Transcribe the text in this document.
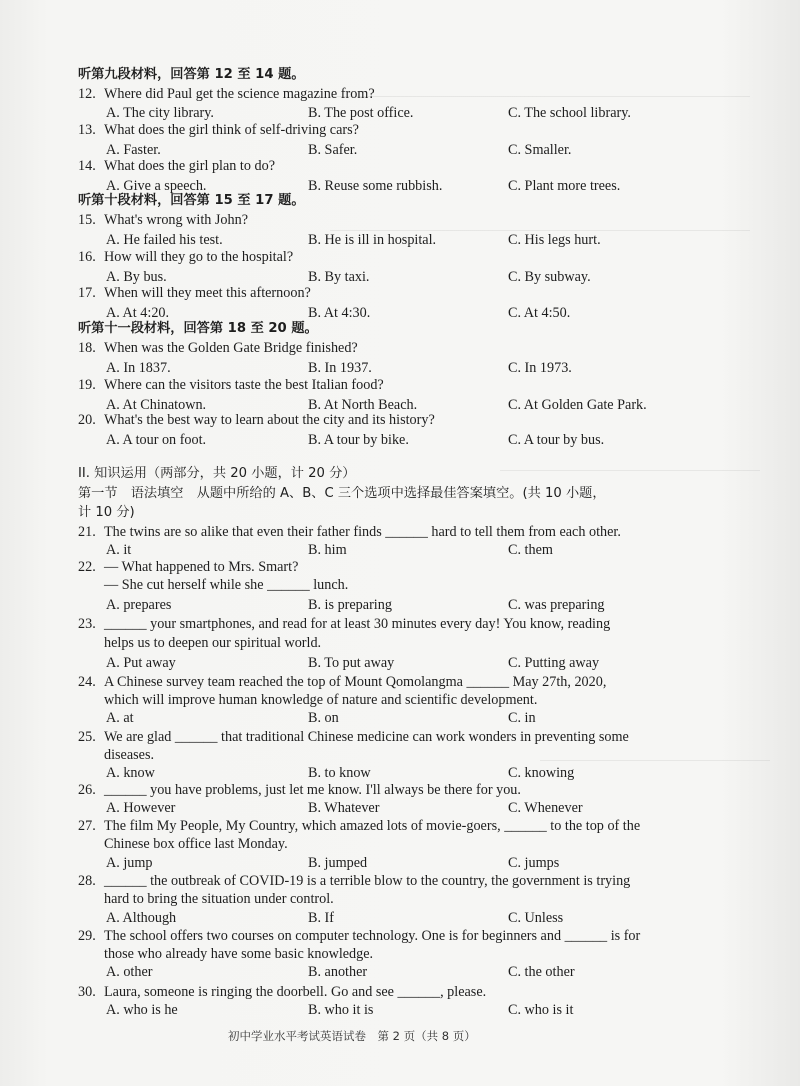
听第九段材料，回答第 12 至 14 题。
听第十段材料，回答第 15 至 17 题。
听第十一段材料，回答第 18 至 20 题。
II. 知识运用（两部分，共 20 小题，计 20 分）
第一节　语法填空　从题中所给的 A、B、C 三个选项中选择最佳答案填空。(共 10 小题，
计 10 分)
12. Where did Paul get the science magazine from?
A. The city library.	B. The post office.	C. The school library.
13. What does the girl think of self-driving cars?
A. Faster.	B. Safer.	C. Smaller.
14. What does the girl plan to do?
A. Give a speech.	B. Reuse some rubbish.	C. Plant more trees.
15. What's wrong with John?
A. He failed his test.	B. He is ill in hospital.	C. His legs hurt.
16. How will they go to the hospital?
A. By bus.	B. By taxi.	C. By subway.
17. When will they meet this afternoon?
A. At 4:20.	B. At 4:30.	C. At 4:50.
18. When was the Golden Gate Bridge finished?
A. In 1837.	B. In 1937.	C. In 1973.
19. Where can the visitors taste the best Italian food?
A. At Chinatown.	B. At North Beach.	C. At Golden Gate Park.
20. What's the best way to learn about the city and its history?
A. A tour on foot.	B. A tour by bike.	C. A tour by bus.
21. The twins are so alike that even their father finds ______ hard to tell them from each other.
A. it	B. him	C. them
22. — What happened to Mrs. Smart?
— She cut herself while she ______ lunch.
A. prepares	B. is preparing	C. was preparing
23. ______ your smartphones, and read for at least 30 minutes every day! You know, reading
helps us to deepen our spiritual world.
A. Put away	B. To put away	C. Putting away
24. A Chinese survey team reached the top of Mount Qomolangma ______ May 27th, 2020,
which will improve human knowledge of nature and scientific development.
A. at	B. on	C. in
25. We are glad ______ that traditional Chinese medicine can work wonders in preventing some
diseases.
A. know	B. to know	C. knowing
26. ______ you have problems, just let me know. I'll always be there for you.
A. However	B. Whatever	C. Whenever
27. The film My People, My Country, which amazed lots of movie-goers, ______ to the top of the
Chinese box office last Monday.
A. jump	B. jumped	C. jumps
28. ______ the outbreak of COVID-19 is a terrible blow to the country, the government is trying
hard to bring the situation under control.
A. Although	B. If	C. Unless
29. The school offers two courses on computer technology. One is for beginners and ______ is for
those who already have some basic knowledge.
A. other	B. another	C. the other
30. Laura, someone is ringing the doorbell. Go and see ______, please.
A. who is he	B. who it is	C. who is it
初中学业水平考试英语试卷　第 2 页（共 8 页）
